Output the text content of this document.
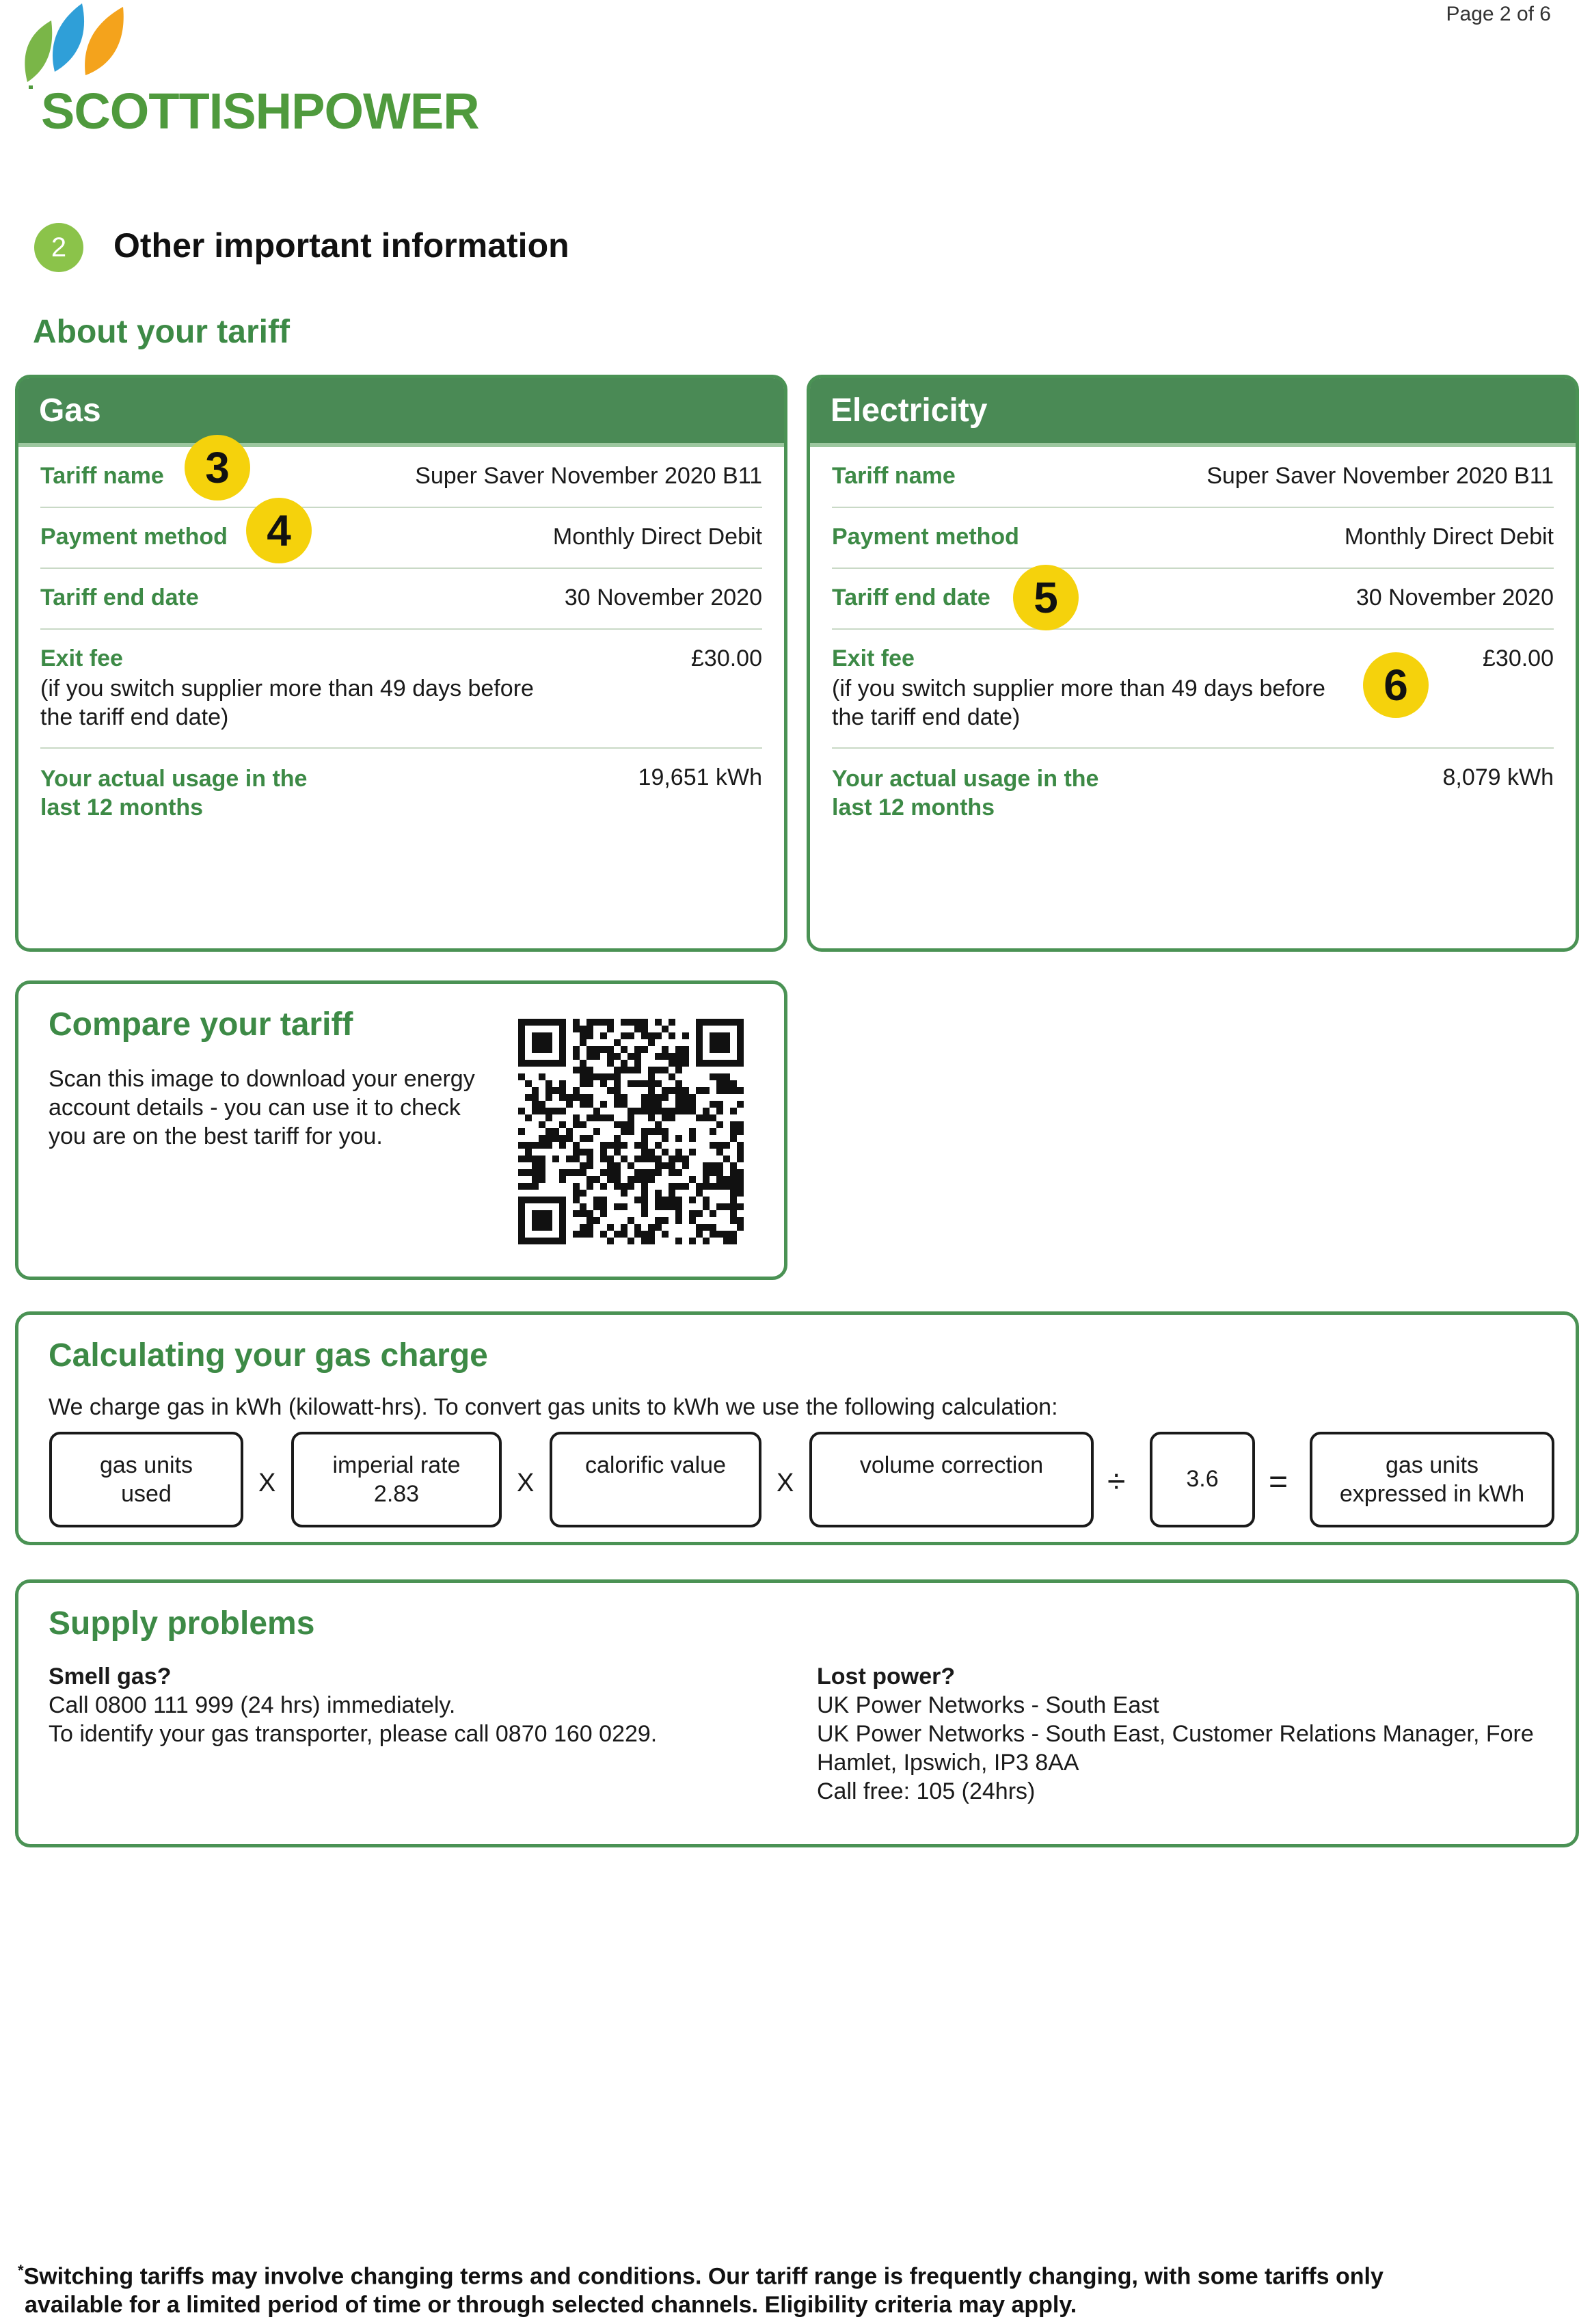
SCOTTISHPOWER
Page 2 of 6
2	Other important information
About your tariff
Gas
Tariff name	Super Saver November 2020 B11
Payment method	Monthly Direct Debit
Tariff end date	30 November 2020
Exit fee	£30.00
(if you switch supplier more than 49 days before
the tariff end date)
Your actual usage in the
last 12 months
19,651 kWh
Electricity
Tariff name	Super Saver November 2020 B11
Payment method	Monthly Direct Debit
Tariff end date	30 November 2020
Exit fee	£30.00
(if you switch supplier more than 49 days before
the tariff end date)
Your actual usage in the
last 12 months
8,079 kWh
3
4
5
6
Compare your tariff
Scan this image to download your energy
account details - you can use it to check
you are on the best tariff for you.
Calculating your gas charge
We charge gas in kWh (kilowatt-hrs). To convert gas units to kWh we use the following calculation:
gas units
used	X
imperial rate
2.83	X
calorific value
X
volume correction	÷	3.6	=	gas units
expressed in kWh
Supply problems
Smell gas?
Call 0800 111 999 (24 hrs) immediately.
To identify your gas transporter, please call 0870 160 0229.
Lost power?
UK Power Networks - South East
UK Power Networks - South East, Customer Relations Manager, Fore
Hamlet, Ipswich, IP3 8AA
Call free: 105 (24hrs)
*Switching tariffs may involve changing terms and conditions. Our tariff range is frequently changing, with some tariffs only
available for a limited period of time or through selected channels. Eligibility criteria may apply.
